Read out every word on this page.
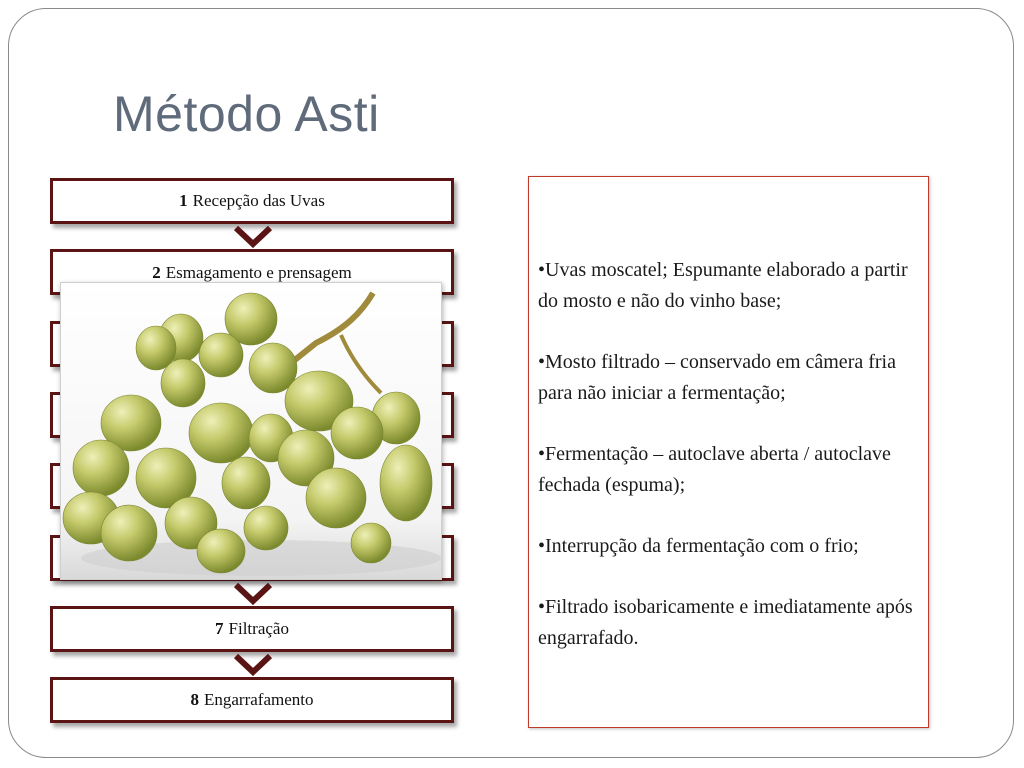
Método Asti
1 Recepção das Uvas
2 Esmagamento e prensagem
7 Filtração
8 Engarrafamento

•Uvas moscatel; Espumante elaborado a partir do mosto e não do vinho base;

•Mosto filtrado – conservado em câmera fria para não iniciar a fermentação;

•Fermentação – autoclave aberta / autoclave fechada (espuma);

•Interrupção da fermentação com o frio;

•Filtrado isobaricamente e imediatamente após engarrafado.
